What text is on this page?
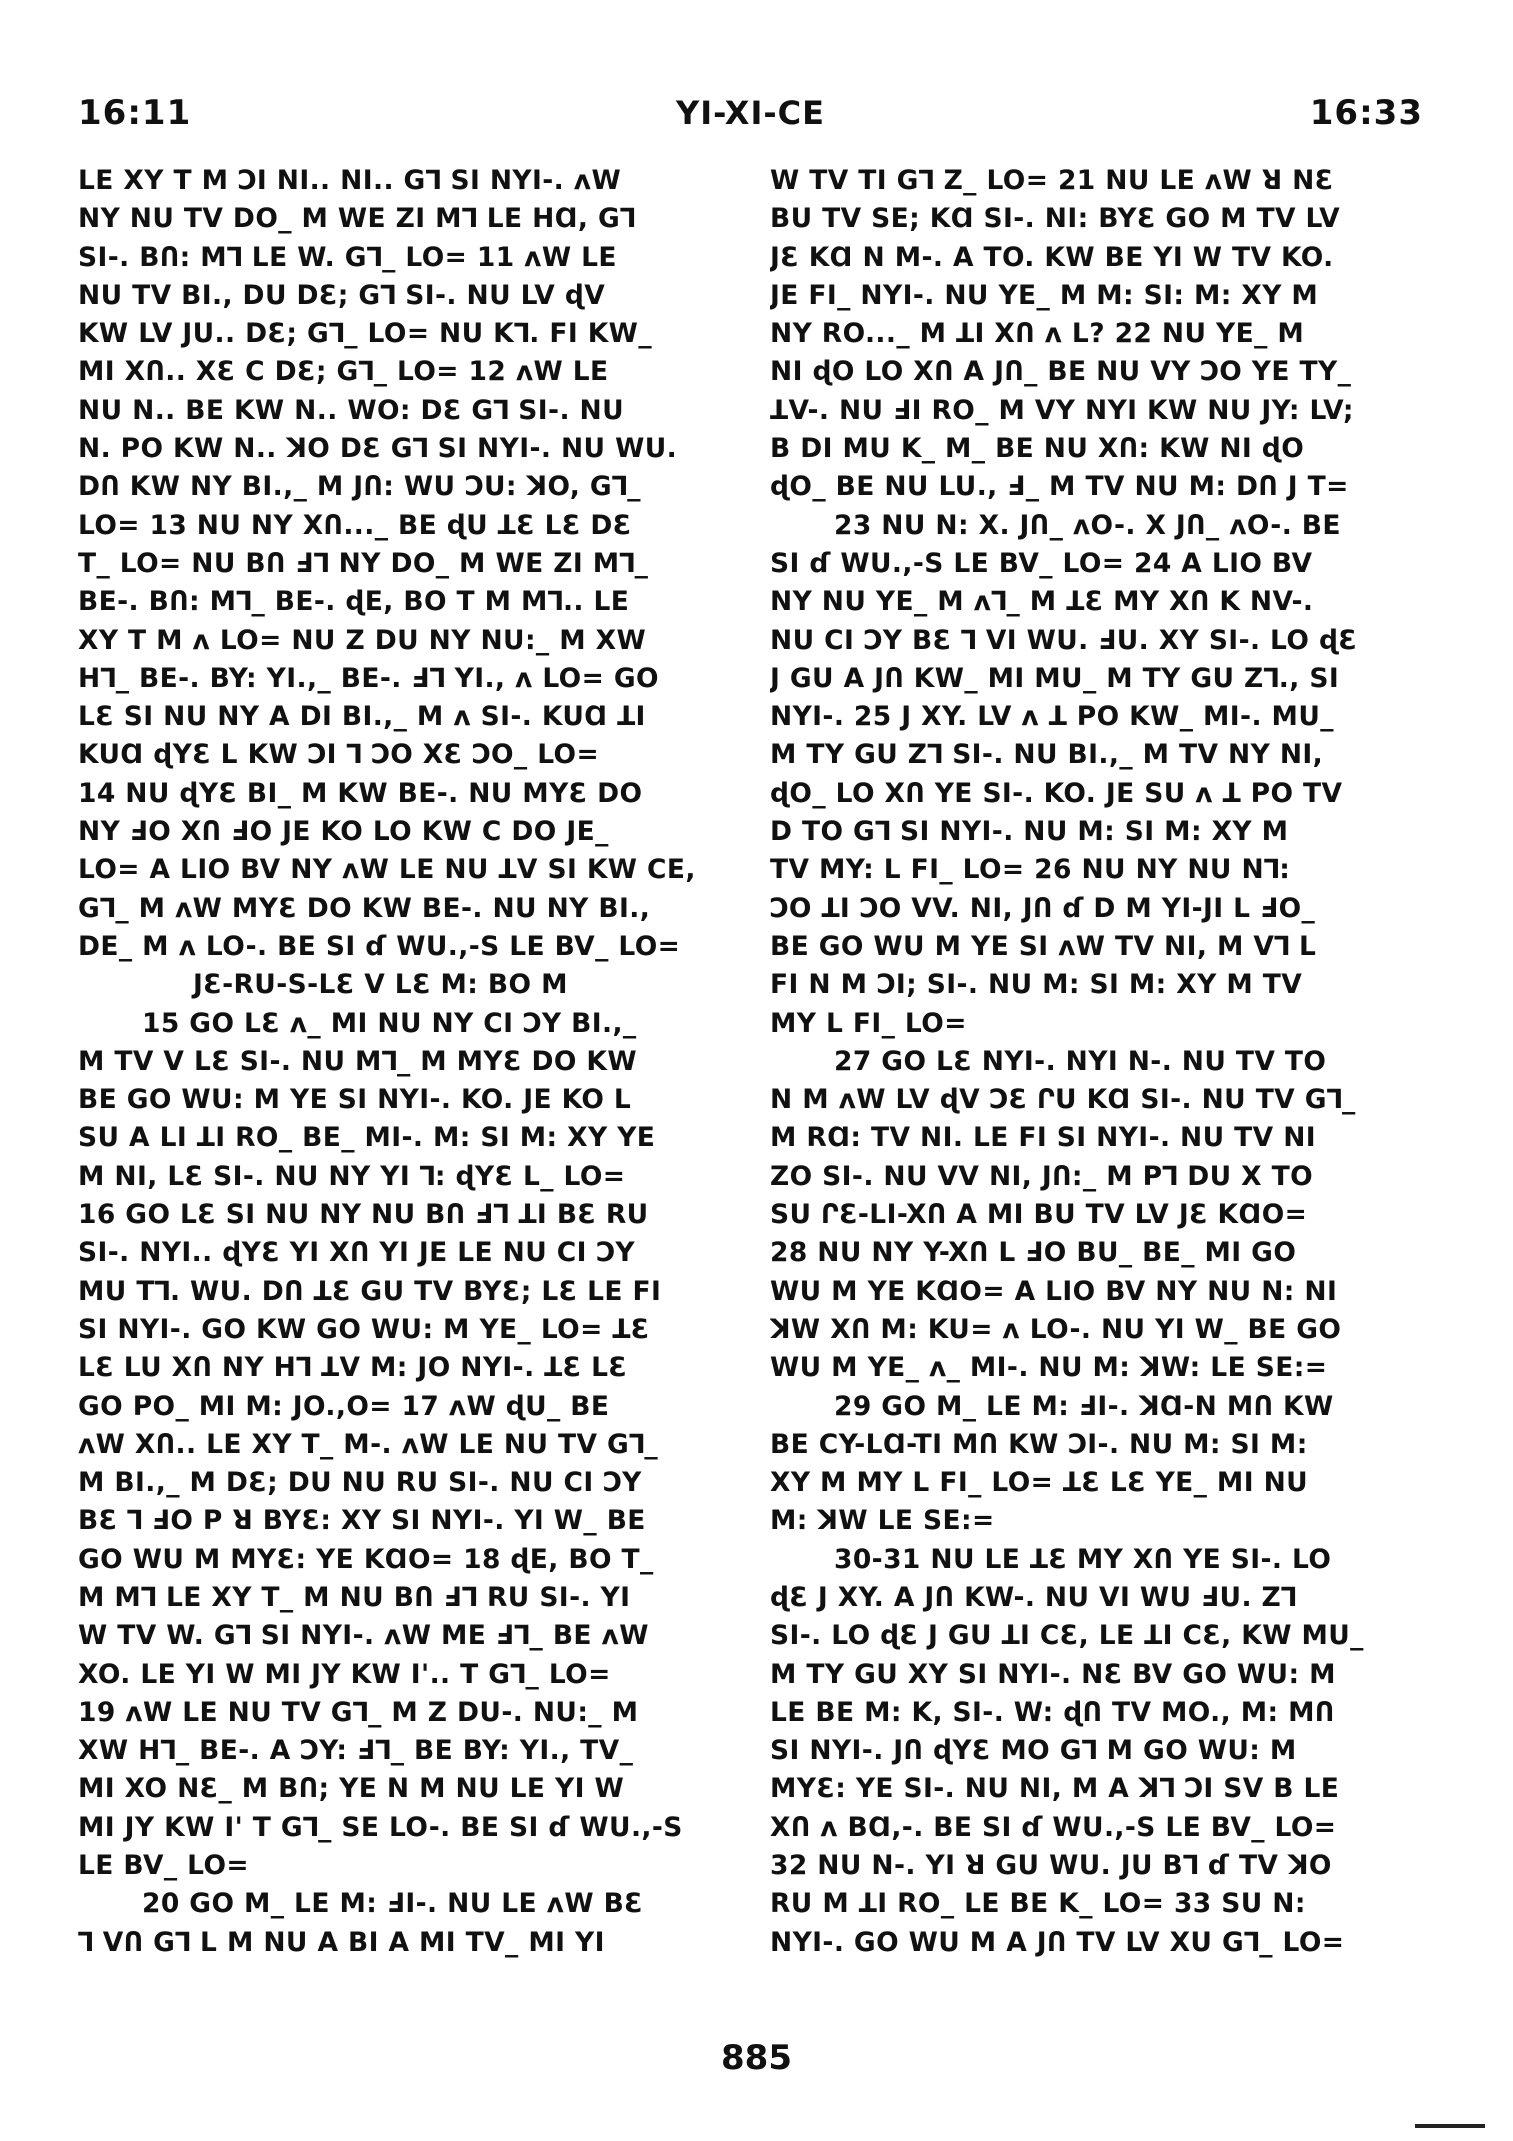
16:11	YI-XI-CE	16:33
LE XY T M ϽI NI.. NI.. G⅂ SI NYI-. ʌW
NY NU TV DO_ M WE ZI M⅂ LE HⱭ, G⅂
SI-. BՈ: M⅂ LE W. G⅂_ LO= 11 ʌW LE
NU TV BI., DU DƐ; G⅂ SI-. NU LV ɖV
KW LV JU.. DƐ; G⅂_ LO= NU K⅂. FI KW_
MI XՈ.. XƐ C DƐ; G⅂_ LO= 12 ʌW LE
NU N.. BE KW N.. WO: DƐ G⅂ SI-. NU
N. PO KW N.. ꓘO DƐ G⅂ SI NYI-. NU WU.
DՈ KW NY BI.,_ M JՈ: WU ϽU: ꓘO, G⅂_
LO= 13 NU NY XՈ..._ BE ɖU ꓕƐ LƐ DƐ
T_ LO= NU BՈ ꓞ⅂ NY DO_ M WE ZI M⅂_
BE-. BՈ: M⅂_ BE-. ɖE, BO T M M⅂.. LE
XY T M ʌ LO= NU Z DU NY NU:_ M XW
H⅂_ BE-. BY: YI.,_ BE-. ꓞ⅂ YI., ʌ LO= GO
LƐ SI NU NY A DI BI.,_ M ʌ SI-. KUⱭ ꓕI
KUⱭ ɖYƐ L KW ϽI ⅂ ϽO XƐ ϽO_ LO=
14 NU ɖYƐ BI_ M KW BE-. NU MYƐ DO
NY ꓞO XՈ ꓞO JE KO LO KW C DO JE_
LO= A LIO BV NY ʌW LE NU ꓕV SI KW CE,
G⅂_ M ʌW MYƐ DO KW BE-. NU NY BI.,
DE_ M ʌ LO-. BE SI ɗ WU.,-S LE BV_ LO=
JƐ-RU-S-LƐ V LƐ M: BO M
15 GO LƐ ʌ_ MI NU NY CI ϽY BI.,_
M TV V LƐ SI-. NU M⅂_ M MYƐ DO KW
BE GO WU: M YE SI NYI-. KO. JE KO L
SU A LI ꓕI RO_ BE_ MI-. M: SI M: XY YE
M NI, LƐ SI-. NU NY YI ⅂: ɖYƐ L_ LO=
16 GO LƐ SI NU NY NU BՈ ꓞ⅂ ꓕI BƐ RU
SI-. NYI.. ɖYƐ YI XՈ YI JE LE NU CI ϽY
MU T⅂. WU. DՈ ꓕƐ GU TV BYƐ; LƐ LE FI
SI NYI-. GO KW GO WU: M YE_ LO= ꓕƐ
LƐ LU XՈ NY H⅂ ꓕV M: JO NYI-. ꓕƐ LƐ
GO PO_ MI M: JO.,O= 17 ʌW ɖU_ BE
ʌW XՈ.. LE XY T_ M-. ʌW LE NU TV G⅂_
M BI.,_ M DƐ; DU NU RU SI-. NU CI ϽY
BƐ ⅂ ꓞO P ꓤ BYƐ: XY SI NYI-. YI W_ BE
GO WU M MYƐ: YE KⱭO= 18 ɖE, BO T_
M M⅂ LE XY T_ M NU BՈ ꓞ⅂ RU SI-. YI
W TV W. G⅂ SI NYI-. ʌW ME ꓞ⅂_ BE ʌW
XO. LE YI W MI JY KW I'.. T G⅂_ LO=
19 ʌW LE NU TV G⅂_ M Z DU-. NU:_ M
XW H⅂_ BE-. A ϽY: ꓞ⅂_ BE BY: YI., TV_
MI XO NƐ_ M BՈ; YE N M NU LE YI W
MI JY KW I' T G⅂_ SE LO-. BE SI ɗ WU.,-S
LE BV_ LO=
20 GO M_ LE M: ꓞI-. NU LE ʌW BƐ
⅂ VՈ G⅂ L M NU A BI A MI TV_ MI YI
W TV TI G⅂ Z_ LO= 21 NU LE ʌW ꓤ NƐ
BU TV SE; KⱭ SI-. NI: BYƐ GO M TV LV
JƐ KⱭ N M-. A TO. KW BE YI W TV KO.
JE FI_ NYI-. NU YE_ M M: SI: M: XY M
NY RO..._ M ꓕI XՈ ʌ L? 22 NU YE_ M
NI ɖO LO XՈ A JՈ_ BE NU VY ϽO YE TY_
ꓕV-. NU ꓞI RO_ M VY NYI KW NU JY: LV;
B DI MU K_ M_ BE NU XՈ: KW NI ɖO
ɖO_ BE NU LU., ꓞ_ M TV NU M: DՈ J T=
23 NU N: X. JՈ_ ʌO-. X JՈ_ ʌO-. BE
SI ɗ WU.,-S LE BV_ LO= 24 A LIO BV
NY NU YE_ M ʌ⅂_ M ꓕƐ MY XՈ K NV-.
NU CI ϽY BƐ ⅂ VI WU. ꓞU. XY SI-. LO ɖƐ
J GU A JՈ KW_ MI MU_ M TY GU Z⅂., SI
NYI-. 25 J XY. LV ʌ ꓕ PO KW_ MI-. MU_
M TY GU Z⅂ SI-. NU BI.,_ M TV NY NI,
ɖO_ LO XՈ YE SI-. KO. JE SU ʌ ꓕ PO TV
D TO G⅂ SI NYI-. NU M: SI M: XY M
TV MY: L FI_ LO= 26 NU NY NU N⅂:
ϽO ꓕI ϽO VV. NI, JՈ ɗ D M YI-JI L ꓞO_
BE GO WU M YE SI ʌW TV NI, M V⅂ L
FI N M ϽI; SI-. NU M: SI M: XY M TV
MY L FI_ LO=
27 GO LƐ NYI-. NYI N-. NU TV TO
N M ʌW LV ɖV ϽƐ ՐU KⱭ SI-. NU TV G⅂_
M RⱭ: TV NI. LE FI SI NYI-. NU TV NI
ZO SI-. NU VV NI, JՈ:_ M P⅂ DU X TO
SU ՐƐ-LI-XՈ A MI BU TV LV JƐ KⱭO=
28 NU NY Y-XՈ L ꓞO BU_ BE_ MI GO
WU M YE KⱭO= A LIO BV NY NU N: NI
ꓘW XՈ M: KU= ʌ LO-. NU YI W_ BE GO
WU M YE_ ʌ_ MI-. NU M: ꓘW: LE SE:=
29 GO M_ LE M: ꓞI-. ꓘⱭ-N MՈ KW
BE CY-LⱭ-TI MՈ KW ϽI-. NU M: SI M:
XY M MY L FI_ LO= ꓕƐ LƐ YE_ MI NU
M: ꓘW LE SE:=
30-31 NU LE ꓕƐ MY XՈ YE SI-. LO
ɖƐ J XY. A JՈ KW-. NU VI WU ꓞU. Z⅂
SI-. LO ɖƐ J GU ꓕI CƐ, LE ꓕI CƐ, KW MU_
M TY GU XY SI NYI-. NƐ BV GO WU: M
LE BE M: K, SI-. W: ɖՈ TV MO., M: MՈ
SI NYI-. JՈ ɖYƐ MO G⅂ M GO WU: M
MYƐ: YE SI-. NU NI, M A ꓘ⅂ ϽI SV B LE
XՈ ʌ BⱭ,-. BE SI ɗ WU.,-S LE BV_ LO=
32 NU N-. YI ꓤ GU WU. JU B⅂ ɗ TV ꓘO
RU M ꓕI RO_ LE BE K_ LO= 33 SU N:
NYI-. GO WU M A JՈ TV LV XU G⅂_ LO=
885
